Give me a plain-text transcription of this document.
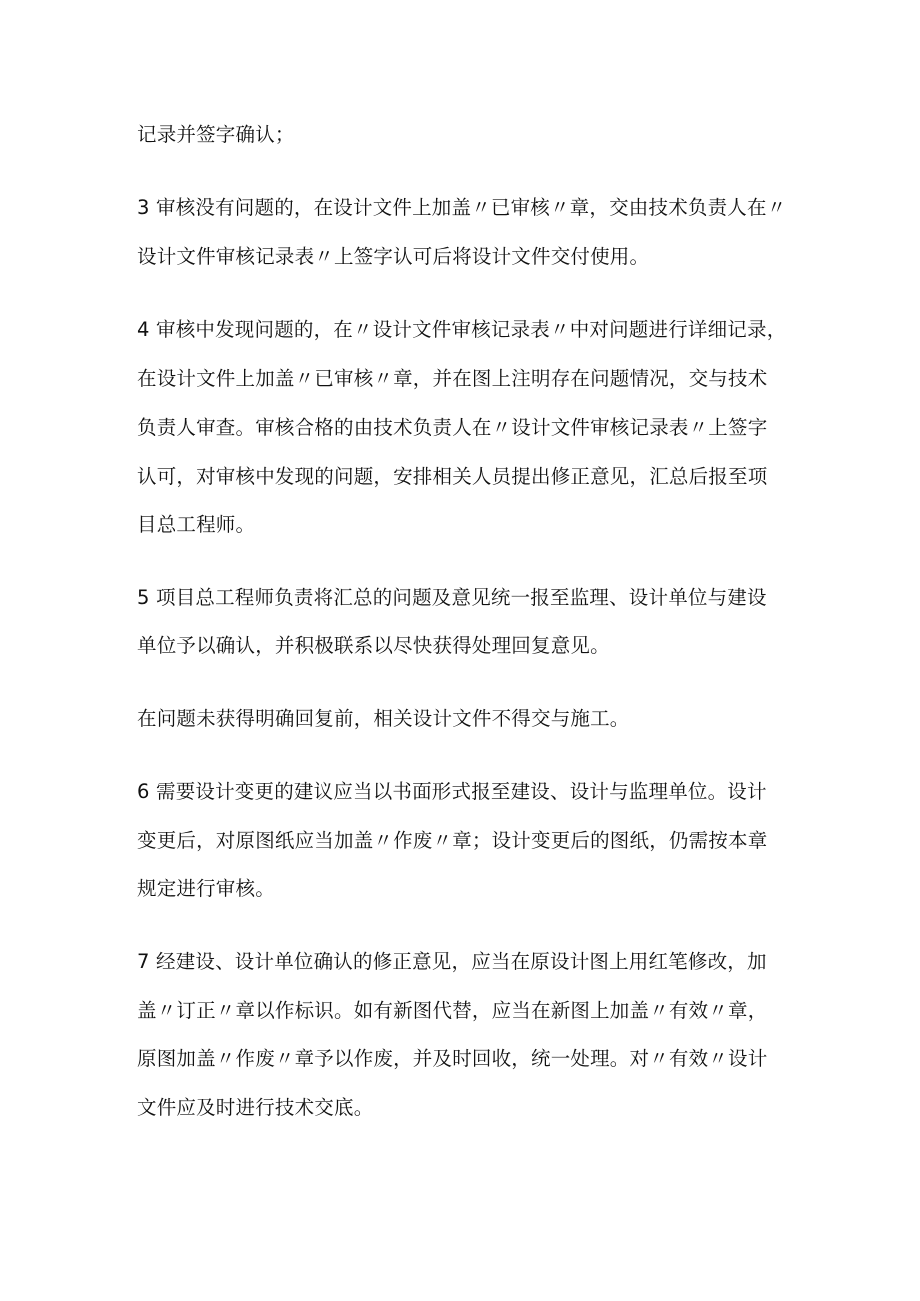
记录并签字确认；

3 审核没有问题的，在设计文件上加盖〃已审核〃章，交由技术负责人在〃

设计文件审核记录表〃上签字认可后将设计文件交付使用。

4 审核中发现问题的，在〃设计文件审核记录表〃中对问题进行详细记录，

在设计文件上加盖〃已审核〃章，并在图上注明存在问题情况，交与技术

负责人审查。审核合格的由技术负责人在〃设计文件审核记录表〃上签字

认可，对审核中发现的问题，安排相关人员提出修正意见，汇总后报至项

目总工程师。

5 项目总工程师负责将汇总的问题及意见统一报至监理、设计单位与建设

单位予以确认，并积极联系以尽快获得处理回复意见。

在问题未获得明确回复前，相关设计文件不得交与施工。

6 需要设计变更的建议应当以书面形式报至建设、设计与监理单位。设计

变更后，对原图纸应当加盖〃作废〃章；设计变更后的图纸，仍需按本章

规定进行审核。

7 经建设、设计单位确认的修正意见，应当在原设计图上用红笔修改，加

盖〃订正〃章以作标识。如有新图代替，应当在新图上加盖〃有效〃章，

原图加盖〃作废〃章予以作废，并及时回收，统一处理。对〃有效〃设计

文件应及时进行技术交底。
